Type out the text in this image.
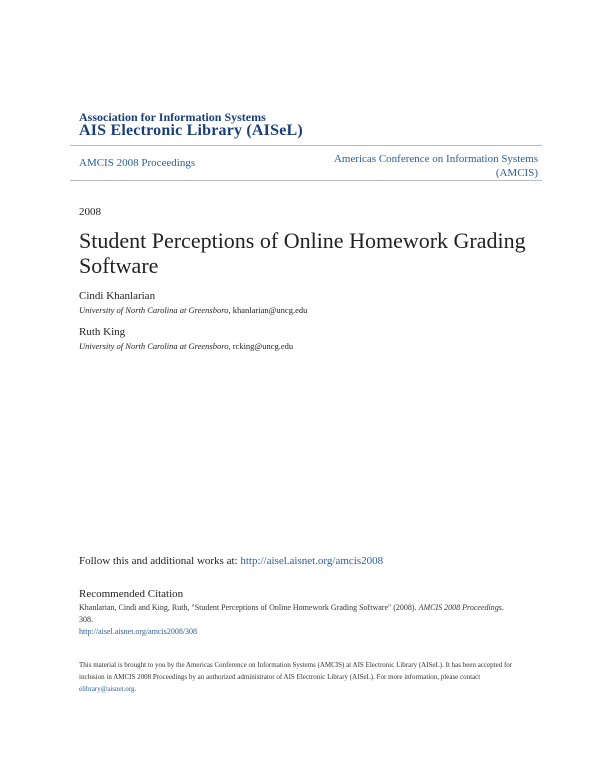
Association for Information Systems
AIS Electronic Library (AISeL)
AMCIS 2008 Proceedings	Americas Conference on Information Systems (AMCIS)
2008
Student Perceptions of Online Homework Grading Software
Cindi Khanlarian
University of North Carolina at Greensboro, khanlarian@uncg.edu
Ruth King
University of North Carolina at Greensboro, rcking@uncg.edu
Follow this and additional works at: http://aisel.aisnet.org/amcis2008
Recommended Citation
Khanlarian, Cindi and King, Ruth, "Student Perceptions of Online Homework Grading Software" (2008). AMCIS 2008 Proceedings.
308.
http://aisel.aisnet.org/amcis2008/308
This material is brought to you by the Americas Conference on Information Systems (AMCIS) at AIS Electronic Library (AISeL). It has been accepted for inclusion in AMCIS 2008 Proceedings by an authorized administrator of AIS Electronic Library (AISeL). For more information, please contact elibrary@aisnet.org.
